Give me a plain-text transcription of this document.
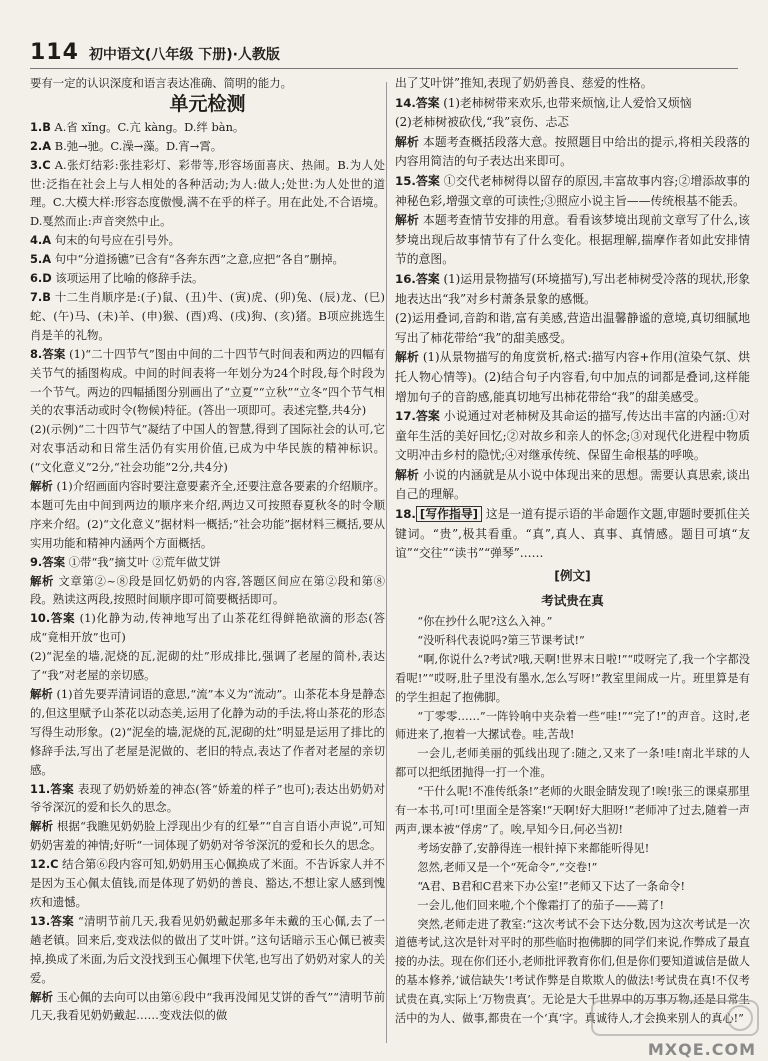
114 初中语文(八年级 下册)·人教版

要有一定的认识深度和语言表达准确、简明的能力。

单元检测

1.B A.省 xǐng。C.亢 kàng。D.绊 bàn。

2.A B.弛→驰。C.澡→藻。D.宵→霄。

3.C A.张灯结彩:张挂彩灯、彩带等,形容场面喜庆、热闹。B.为人处世:泛指在社会上与人相处的各种活动;为人:做人;处世:为人处世的道理。C.大模大样:形容态度傲慢,满不在乎的样子。用在此处,不合语境。D.戛然而止:声音突然中止。

4.A 句末的句号应在引号外。

5.A 句中“分道扬镳”已含有“各奔东西”之意,应把“各自”删掉。

6.D 该项运用了比喻的修辞手法。

7.B 十二生肖顺序是:(子)鼠、(丑)牛、(寅)虎、(卯)兔、(辰)龙、(巳)蛇、(午)马、(未)羊、(申)猴、(酉)鸡、(戌)狗、(亥)猪。B项应挑选生肖是羊的礼物。

8.答案 (1)“二十四节气”图由中间的二十四节气时间表和两边的四幅有关节气的插图构成。中间的时间表将一年划分为24个时段,每个时段为一个节气。两边的四幅插图分别画出了“立夏”“立秋”“立冬”四个节气相关的农事活动或时令(物候)特征。(答出一项即可。表述完整,共4分)

(2)(示例)“二十四节气”凝结了中国人的智慧,得到了国际社会的认可,它对农事活动和日常生活仍有实用价值,已成为中华民族的精神标识。(“文化意义”2分,“社会功能”2分,共4分)

解析 (1)介绍画面内容时要注意要素齐全,还要注意各要素的介绍顺序。本题可先由中间到两边的顺序来介绍,两边又可按照春夏秋冬的时令顺序来介绍。(2)“文化意义”据材料一概括;“社会功能”据材料三概括,要从实用功能和精神内涵两个方面概括。

9.答案 ①带“我”摘艾叶 ②荒年做艾饼

解析 文章第②~⑧段是回忆奶奶的内容,答题区间应在第②段和第⑧段。熟读这两段,按照时间顺序即可简要概括即可。

10.答案 (1)化静为动,传神地写出了山茶花红得鲜艳欲滴的形态(答成“竟相开放”也可)

(2)“泥垒的墙,泥烧的瓦,泥砌的灶”形成排比,强调了老屋的简朴,表达了“我”对老屋的亲切感。

解析 (1)首先要弄清词语的意思,“流”本义为“流动”。山茶花本身是静态的,但这里赋予山茶花以动态美,运用了化静为动的手法,将山茶花的形态写得生动形象。(2)“泥垒的墙,泥烧的瓦,泥砌的灶”明显是运用了排比的修辞手法,写出了老屋是泥做的、老旧的特点,表达了作者对老屋的亲切感。

11.答案 表现了奶奶娇羞的神态(答“娇羞的样子”也可);表达出奶奶对爷爷深沉的爱和长久的思念。

解析 根据“我瞧见奶奶脸上浮现出少有的红晕”“自言自语小声说”,可知奶奶害羞的神情;好听“一词体现了奶奶对爷爷深沉的爱和长久的思念。

12.C 结合第⑥段内容可知,奶奶用玉心佩换成了米面。不告诉家人并不是因为玉心佩太值钱,而是体现了奶奶的善良、豁达,不想让家人感到愧疚和遗憾。

13.答案 “清明节前几天,我看见奶奶戴起那多年未戴的玉心佩,去了一趟老镇。回来后,变戏法似的做出了艾叶饼。”这句话暗示玉心佩已被卖掉,换成了米面,为后文没找到玉心佩埋下伏笔,也写出了奶奶对家人的关爱。

解析 玉心佩的去向可以由第⑥段中“我再没闻见艾饼的香气”“清明节前几天,我看见奶奶戴起……变戏法似的做

出了艾叶饼”推知,表现了奶奶善良、慈爱的性格。

14.答案 (1)老柿树带来欢乐,也带来烦恼,让人爱恰又烦恼

(2)老柿树被砍伐,“我”哀伤、忐忑

解析 本题考查概括段落大意。按照题目中给出的提示,将相关段落的内容用简洁的句子表达出来即可。

15.答案 ①交代老柿树得以留存的原因,丰富故事内容;②增添故事的神秘色彩,增强文章的可读性;③照应小说主旨——传统根基不能丢。

解析 本题考查情节安排的用意。看看该梦境出现前文章写了什么,该梦境出现后故事情节有了什么变化。根据理解,揣摩作者如此安排情节的意图。

16.答案 (1)运用景物描写(环境描写),写出老柿树受冷落的现状,形象地表达出“我”对乡村萧条景象的感慨。

(2)运用叠词,音韵和谐,富有美感,营造出温馨静谧的意境,真切细腻地写出了柿花带给“我”的甜美感受。

解析 (1)从景物描写的角度赏析,格式:描写内容+作用(渲染气氛、烘托人物心情等)。(2)结合句子内容看,句中加点的词都是叠词,这样能增加句子的音韵感,能真切地写出柿花带给“我”的甜美感受。

17.答案 小说通过对老柿树及其命运的描写,传达出丰富的内涵:①对童年生活的美好回忆;②对故乡和亲人的怀念;③对现代化进程中物质文明冲击乡村的隐忧;④对继承传统、保留生命根基的呼唤。

解析 小说的内涵就是从小说中体现出来的思想。需要认真思索,谈出自己的理解。

18. [写作指导] 这是一道有提示语的半命题作文题,审题时要抓住关键词。“贵”,极其看重。“真”,真人、真事、真情感。题目可填“友谊”“交往”“读书”“弹琴”……

[例文]
考试贵在真

“你在抄什么呢?这么入神。”

“没听科代表说吗?第三节课考试!”

“啊,你说什么?考试?哦,天啊!世界末日啦!”“哎呀完了,我一个字都没看呢!”“哎呀,肚子里没有墨水,怎么写呀!”教室里闹成一片。班里算是有的学生担起了抱佛脚。

“丁零零……”一阵铃响中夹杂着一些“哇!”“完了!”的声音。这时,老师进来了,抱着一大摞试卷。哇,苦哉!

一会儿,老师美丽的弧线出现了:随之,又来了一条!哇!南北半球的人都可以把纸团抛得一打一个准。

“干什么呢!不准传纸条!”老师的火眼金睛发现了!唉!张三的课桌那里有一本书,可!可!里面全是答案!“天啊!好大胆呀!”老师冲了过去,随着一声两声,课本被“俘虏”了。唉,早知今日,何必当初!

考场安静了,安静得连一根针掉下来都能听得见!

忽然,老师又是一个“死命令”,“交卷!”

“A君、B君和C君来下办公室!”老师又下达了一条命令!

一会儿,他们回来啦,个个像霜打了的茄子——蔫了!

突然,老师走进了教室:“这次考试不会下达分数,因为这次考试是一次道德考试,这次是针对平时的那些临时抱佛脚的同学们来说,作弊成了最直接的办法。现在你们还小,老师批评教育你们,但是你们要知道诚信是做人的基本修养,‘诚信缺失’!考试作弊是自欺欺人的做法!考试贵在真!不仅考试贵在真,实际上‘万物贵真’。无论是大千世界中的万事万物,还是日常生活中的为人、做事,都贵在一个‘真’字。真诚待人,才会换来别人的真心!”

MXQE.COM
